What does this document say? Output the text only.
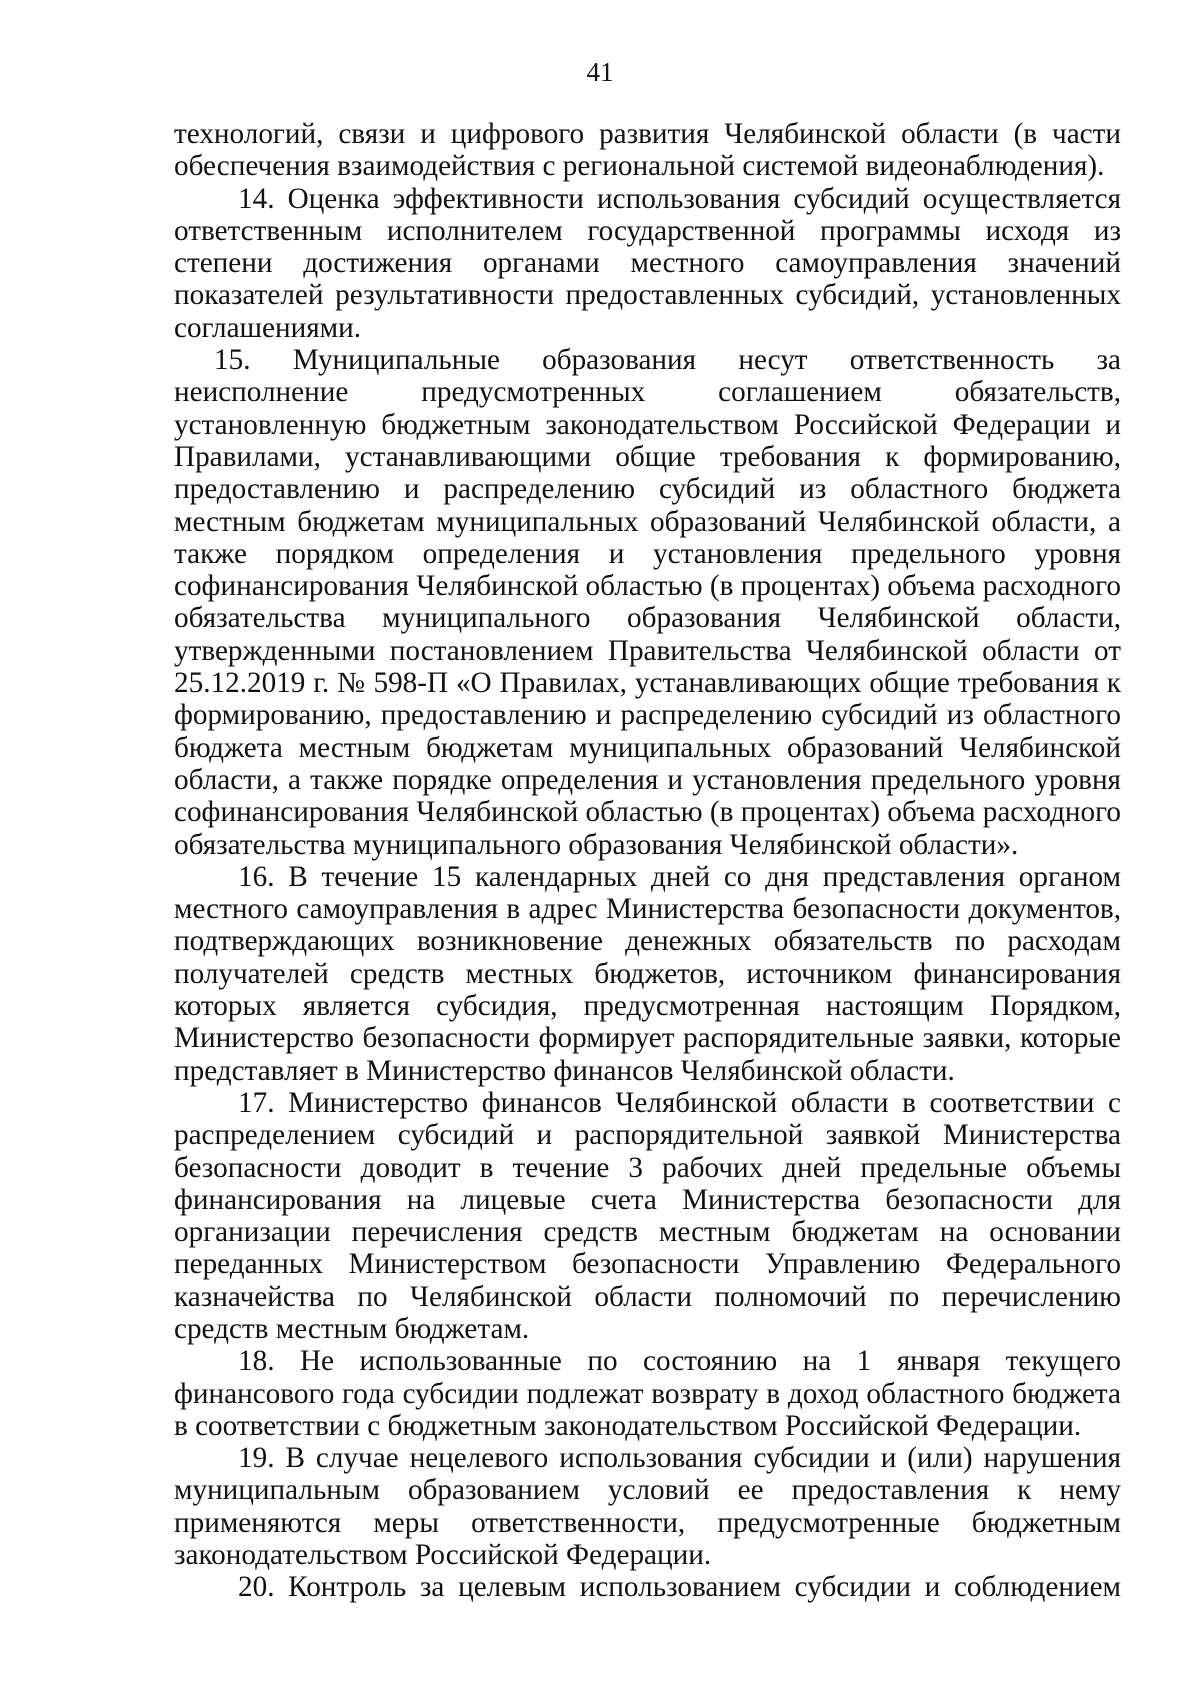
41

технологий, связи и цифрового развития Челябинской области (в части обеспечения взаимодействия с региональной системой видеонаблюдения).

14. Оценка эффективности использования субсидий осуществляется ответственным исполнителем государственной программы исходя из степени достижения органами местного самоуправления значений показателей результативности предоставленных субсидий, установленных соглашениями.

15. Муниципальные образования несут ответственность за неисполнение предусмотренных соглашением обязательств, установленную бюджетным законодательством Российской Федерации и Правилами, устанавливающими общие требования к формированию, предоставлению и распределению субсидий из областного бюджета местным бюджетам муниципальных образований Челябинской области, а также порядком определения и установления предельного уровня софинансирования Челябинской областью (в процентах) объема расходного обязательства муниципального образования Челябинской области, утвержденными постановлением Правительства Челябинской области от 25.12.2019 г. № 598-П «О Правилах, устанавливающих общие требования к формированию, предоставлению и распределению субсидий из областного бюджета местным бюджетам муниципальных образований Челябинской области, а также порядке определения и установления предельного уровня софинансирования Челябинской областью (в процентах) объема расходного обязательства муниципального образования Челябинской области».

16. В течение 15 календарных дней со дня представления органом местного самоуправления в адрес Министерства безопасности документов, подтверждающих возникновение денежных обязательств по расходам получателей средств местных бюджетов, источником финансирования которых является субсидия, предусмотренная настоящим Порядком, Министерство безопасности формирует распорядительные заявки, которые представляет в Министерство финансов Челябинской области.

17. Министерство финансов Челябинской области в соответствии с распределением субсидий и распорядительной заявкой Министерства безопасности доводит в течение 3 рабочих дней предельные объемы финансирования на лицевые счета Министерства безопасности для организации перечисления средств местным бюджетам на основании переданных Министерством безопасности Управлению Федерального казначейства по Челябинской области полномочий по перечислению средств местным бюджетам.

18. Не использованные по состоянию на 1 января текущего финансового года субсидии подлежат возврату в доход областного бюджета в соответствии с бюджетным законодательством Российской Федерации.

19. В случае нецелевого использования субсидии и (или) нарушения муниципальным образованием условий ее предоставления к нему применяются меры ответственности, предусмотренные бюджетным законодательством Российской Федерации.

20. Контроль за целевым использованием субсидии и соблюдением
